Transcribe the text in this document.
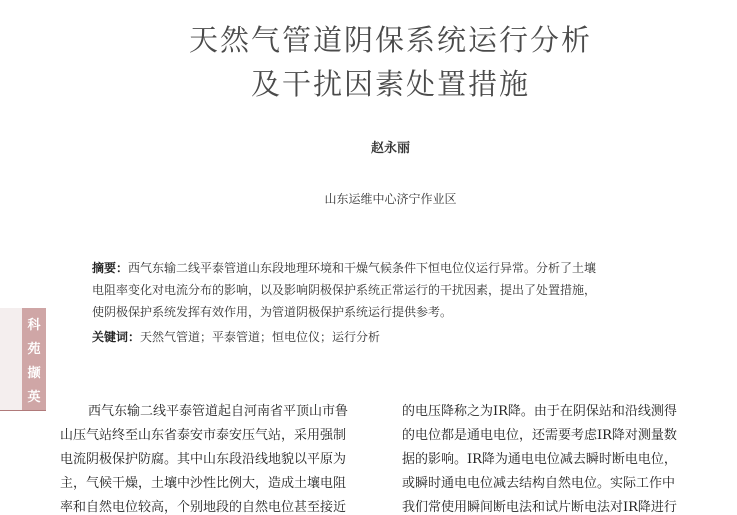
天然气管道阴保系统运行分析
及干扰因素处置措施
赵永丽
山东运维中心济宁作业区
摘要：西气东输二线平泰管道山东段地理环境和干燥气候条件下恒电位仪运行异常。分析了土壤
电阻率变化对电流分布的影响，以及影响阴极保护系统正常运行的干扰因素，提出了处置措施，
使阴极保护系统发挥有效作用，为管道阴极保护系统运行提供参考。
关键词：天然气管道；平泰管道；恒电位仪；运行分析
科
苑
撷
英
西气东输二线平泰管道起自河南省平顶山市鲁
山压气站终至山东省泰安市泰安压气站，采用强制
电流阴极保护防腐。其中山东段沿线地貌以平原为
主，气候干燥，土壤中沙性比例大，造成土壤电阻
率和自然电位较高，个别地段的自然电位甚至接近
的电压降称之为IR降。由于在阴保站和沿线测得
的电位都是通电电位，还需要考虑IR降对测量数
据的影响。IR降为通电电位减去瞬时断电电位，
或瞬时通电电位减去结构自然电位。实际工作中
我们常使用瞬间断电法和试片断电法对IR降进行
